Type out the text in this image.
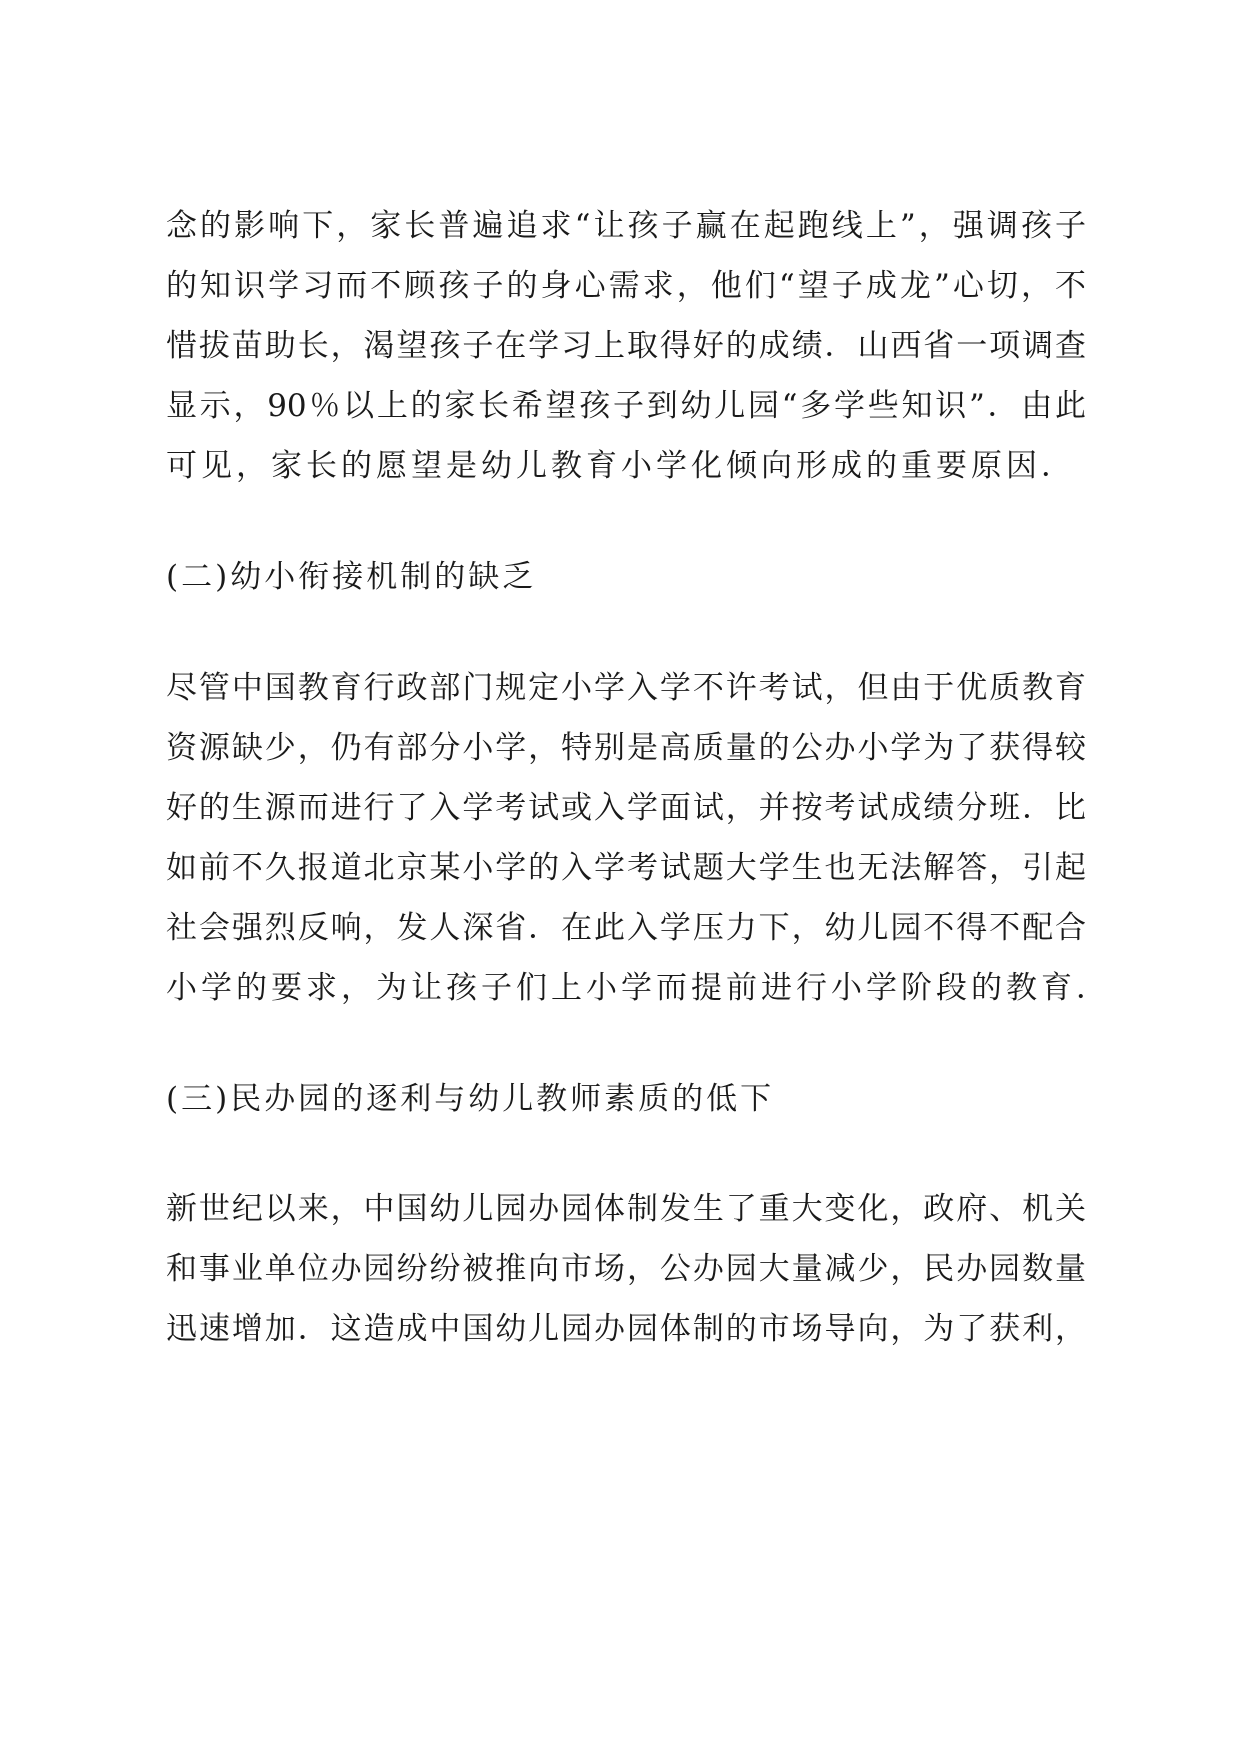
念的影响下，家长普遍追求“让孩子赢在起跑线上”，强调孩子
的知识学习而不顾孩子的身心需求，他们“望子成龙”心切，不
惜拔苗助长，渴望孩子在学习上取得好的成绩．山西省一项调查
显示，90％以上的家长希望孩子到幼儿园“多学些知识”．由此
可见，家长的愿望是幼儿教育小学化倾向形成的重要原因．
(二)幼小衔接机制的缺乏
尽管中国教育行政部门规定小学入学不许考试，但由于优质教育
资源缺少，仍有部分小学，特别是高质量的公办小学为了获得较
好的生源而进行了入学考试或入学面试，并按考试成绩分班．比
如前不久报道北京某小学的入学考试题大学生也无法解答，引起
社会强烈反响，发人深省．在此入学压力下，幼儿园不得不配合
小学的要求，为让孩子们上小学而提前进行小学阶段的教育．
(三)民办园的逐利与幼儿教师素质的低下
新世纪以来，中国幼儿园办园体制发生了重大变化，政府、机关
和事业单位办园纷纷被推向市场，公办园大量减少，民办园数量
迅速增加．这造成中国幼儿园办园体制的市场导向，为了获利，
